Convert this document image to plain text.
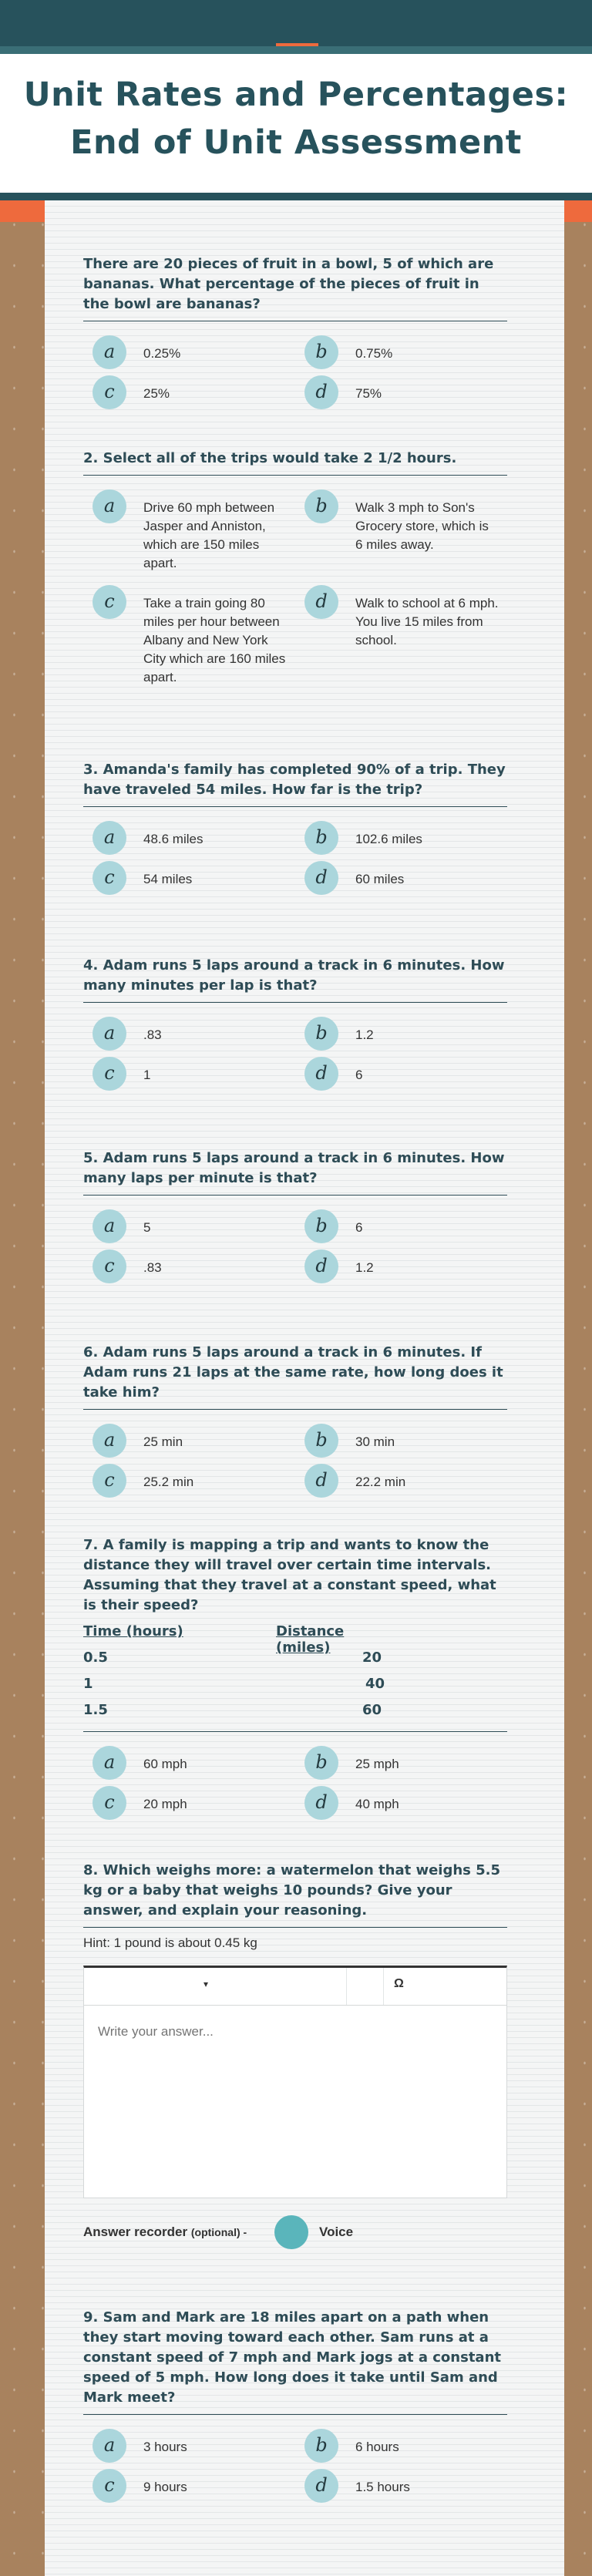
Unit Rates and Percentages: End of Unit Assessment

There are 20 pieces of fruit in a bowl, 5 of which are bananas. What percentage of the pieces of fruit in the bowl are bananas?

a	0.25%	b	0.75%
c	25%	d	75%

2. Select all of the trips would take 2 1/2 hours.

a	Drive 60 mph between Jasper and Anniston, which are 150 miles apart.
b	Walk 3 mph to Son's Grocery store, which is 6 miles away.
c	Take a train going 80 miles per hour between Albany and New York City which are 160 miles apart.
d	Walk to school at 6 mph. You live 15 miles from school.

3. Amanda's family has completed 90% of a trip. They have traveled 54 miles. How far is the trip?

a	48.6 miles	b	102.6 miles
c	54 miles	d	60 miles

4. Adam runs 5 laps around a track in 6 minutes. How many minutes per lap is that?

a	.83	b	1.2
c	1	d	6

5. Adam runs 5 laps around a track in 6 minutes. How many laps per minute is that?

a	5	b	6
c	.83	d	1.2

6. Adam runs 5 laps around a track in 6 minutes. If Adam runs 21 laps at the same rate, how long does it take him?

a	25 min	b	30 min
c	25.2 min	d	22.2 min

7. A family is mapping a trip and wants to know the distance they will travel over certain time intervals. Assuming that they travel at a constant speed, what is their speed?

Time (hours)	Distance (miles)
0.5	20
1	40
1.5	60
a	60 mph	b	25 mph
c	20 mph	d	40 mph

8. Which weighs more: a watermelon that weighs 5.5 kg or a baby that weighs 10 pounds? Give your answer, and explain your reasoning.

Hint: 1 pound is about 0.45 kg
▾	Ω
Write your answer...
Answer recorder (optional) -	Voice

9. Sam and Mark are 18 miles apart on a path when they start moving toward each other. Sam runs at a constant speed of 7 mph and Mark jogs at a constant speed of 5 mph. How long does it take until Sam and Mark meet?

a	3 hours	b	6 hours
c	9 hours	d	1.5 hours
